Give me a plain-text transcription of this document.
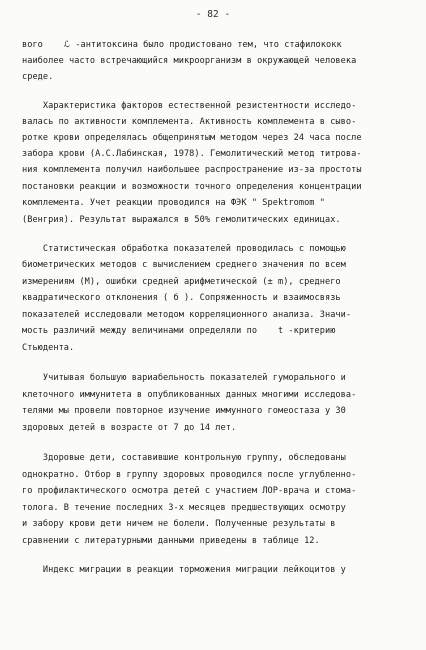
- 82 -
вого    ℒ -антитоксина было продистовано тем, что стафилококк
наиболее часто встречающийся микроорганизм в окружающей человека
среде.
Характеристика факторов естественной резистентности исследо-
валась по активности комплемента. Активность комплемента в сыво-
ротке крови определялась общепринятым методом через 24 часа после
забора крови (А.С.Лабинская, 1978). Гемолитический метод титрова-
ния комплемента получил наибольшее распространение из-за простоты
постановки реакции и возможности точного определения концентрации
комплемента. Учет реакции проводился на ФЭК " Spektromom "
(Венгрия). Результат выражался в 50% гемолитических единицах.
Статистическая обработка показателей проводилась с помощью
биометрических методов с вычислением среднего значения по всем
измерениям (М), ошибки средней арифметической (± m), среднего
квадратического отклонения ( б ). Сопряженность и взаимосвязь
показателей исследовали методом корреляционного анализа. Значи-
мость различий между величинами определяли по    t -критерию
Стьюдента.
Учитывая большую вариабельность показателей гуморального и
клеточного иммунитета в опубликованных данных многими исследова-
телями мы провели повторное изучение иммунного гомеостаза у 30
здоровых детей в возрасте от 7 до 14 лет.
Здоровые дети, составившие контрольную группу, обследованы
однократно. Отбор в группу здоровых проводился после углубленно-
го профилактического осмотра детей с участием ЛОР-врача и стома-
толога. В течение последних 3-х месяцев предшествующих осмотру
и забору крови дети ничем не болели. Полученные результаты в
сравнении с литературными данными приведены в таблице 12.
Индекс миграции в реакции торможения миграции лейкоцитов у
